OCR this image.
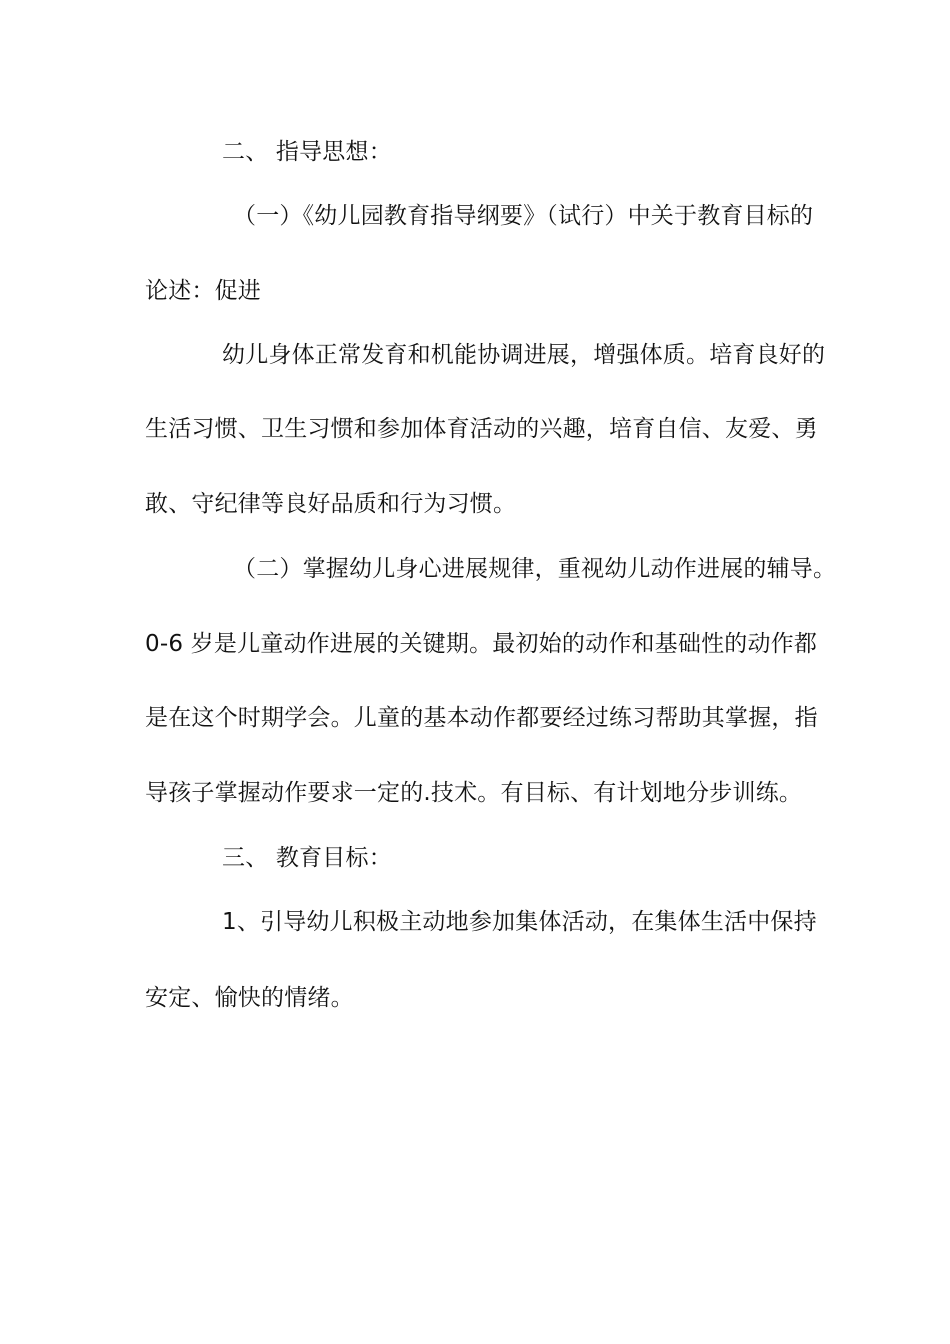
二、 指导思想：
（一）《幼儿园教育指导纲要》（试行）中关于教育目标的
论述：促进
幼儿身体正常发育和机能协调进展，增强体质。培育良好的
生活习惯、卫生习惯和参加体育活动的兴趣，培育自信、友爱、勇
敢、守纪律等良好品质和行为习惯。
（二）掌握幼儿身心进展规律，重视幼儿动作进展的辅导。
0-6 岁是儿童动作进展的关键期。最初始的动作和基础性的动作都
是在这个时期学会。儿童的基本动作都要经过练习帮助其掌握，指
导孩子掌握动作要求一定的.技术。有目标、有计划地分步训练。
三、 教育目标：
1、引导幼儿积极主动地参加集体活动，在集体生活中保持
安定、愉快的情绪。
